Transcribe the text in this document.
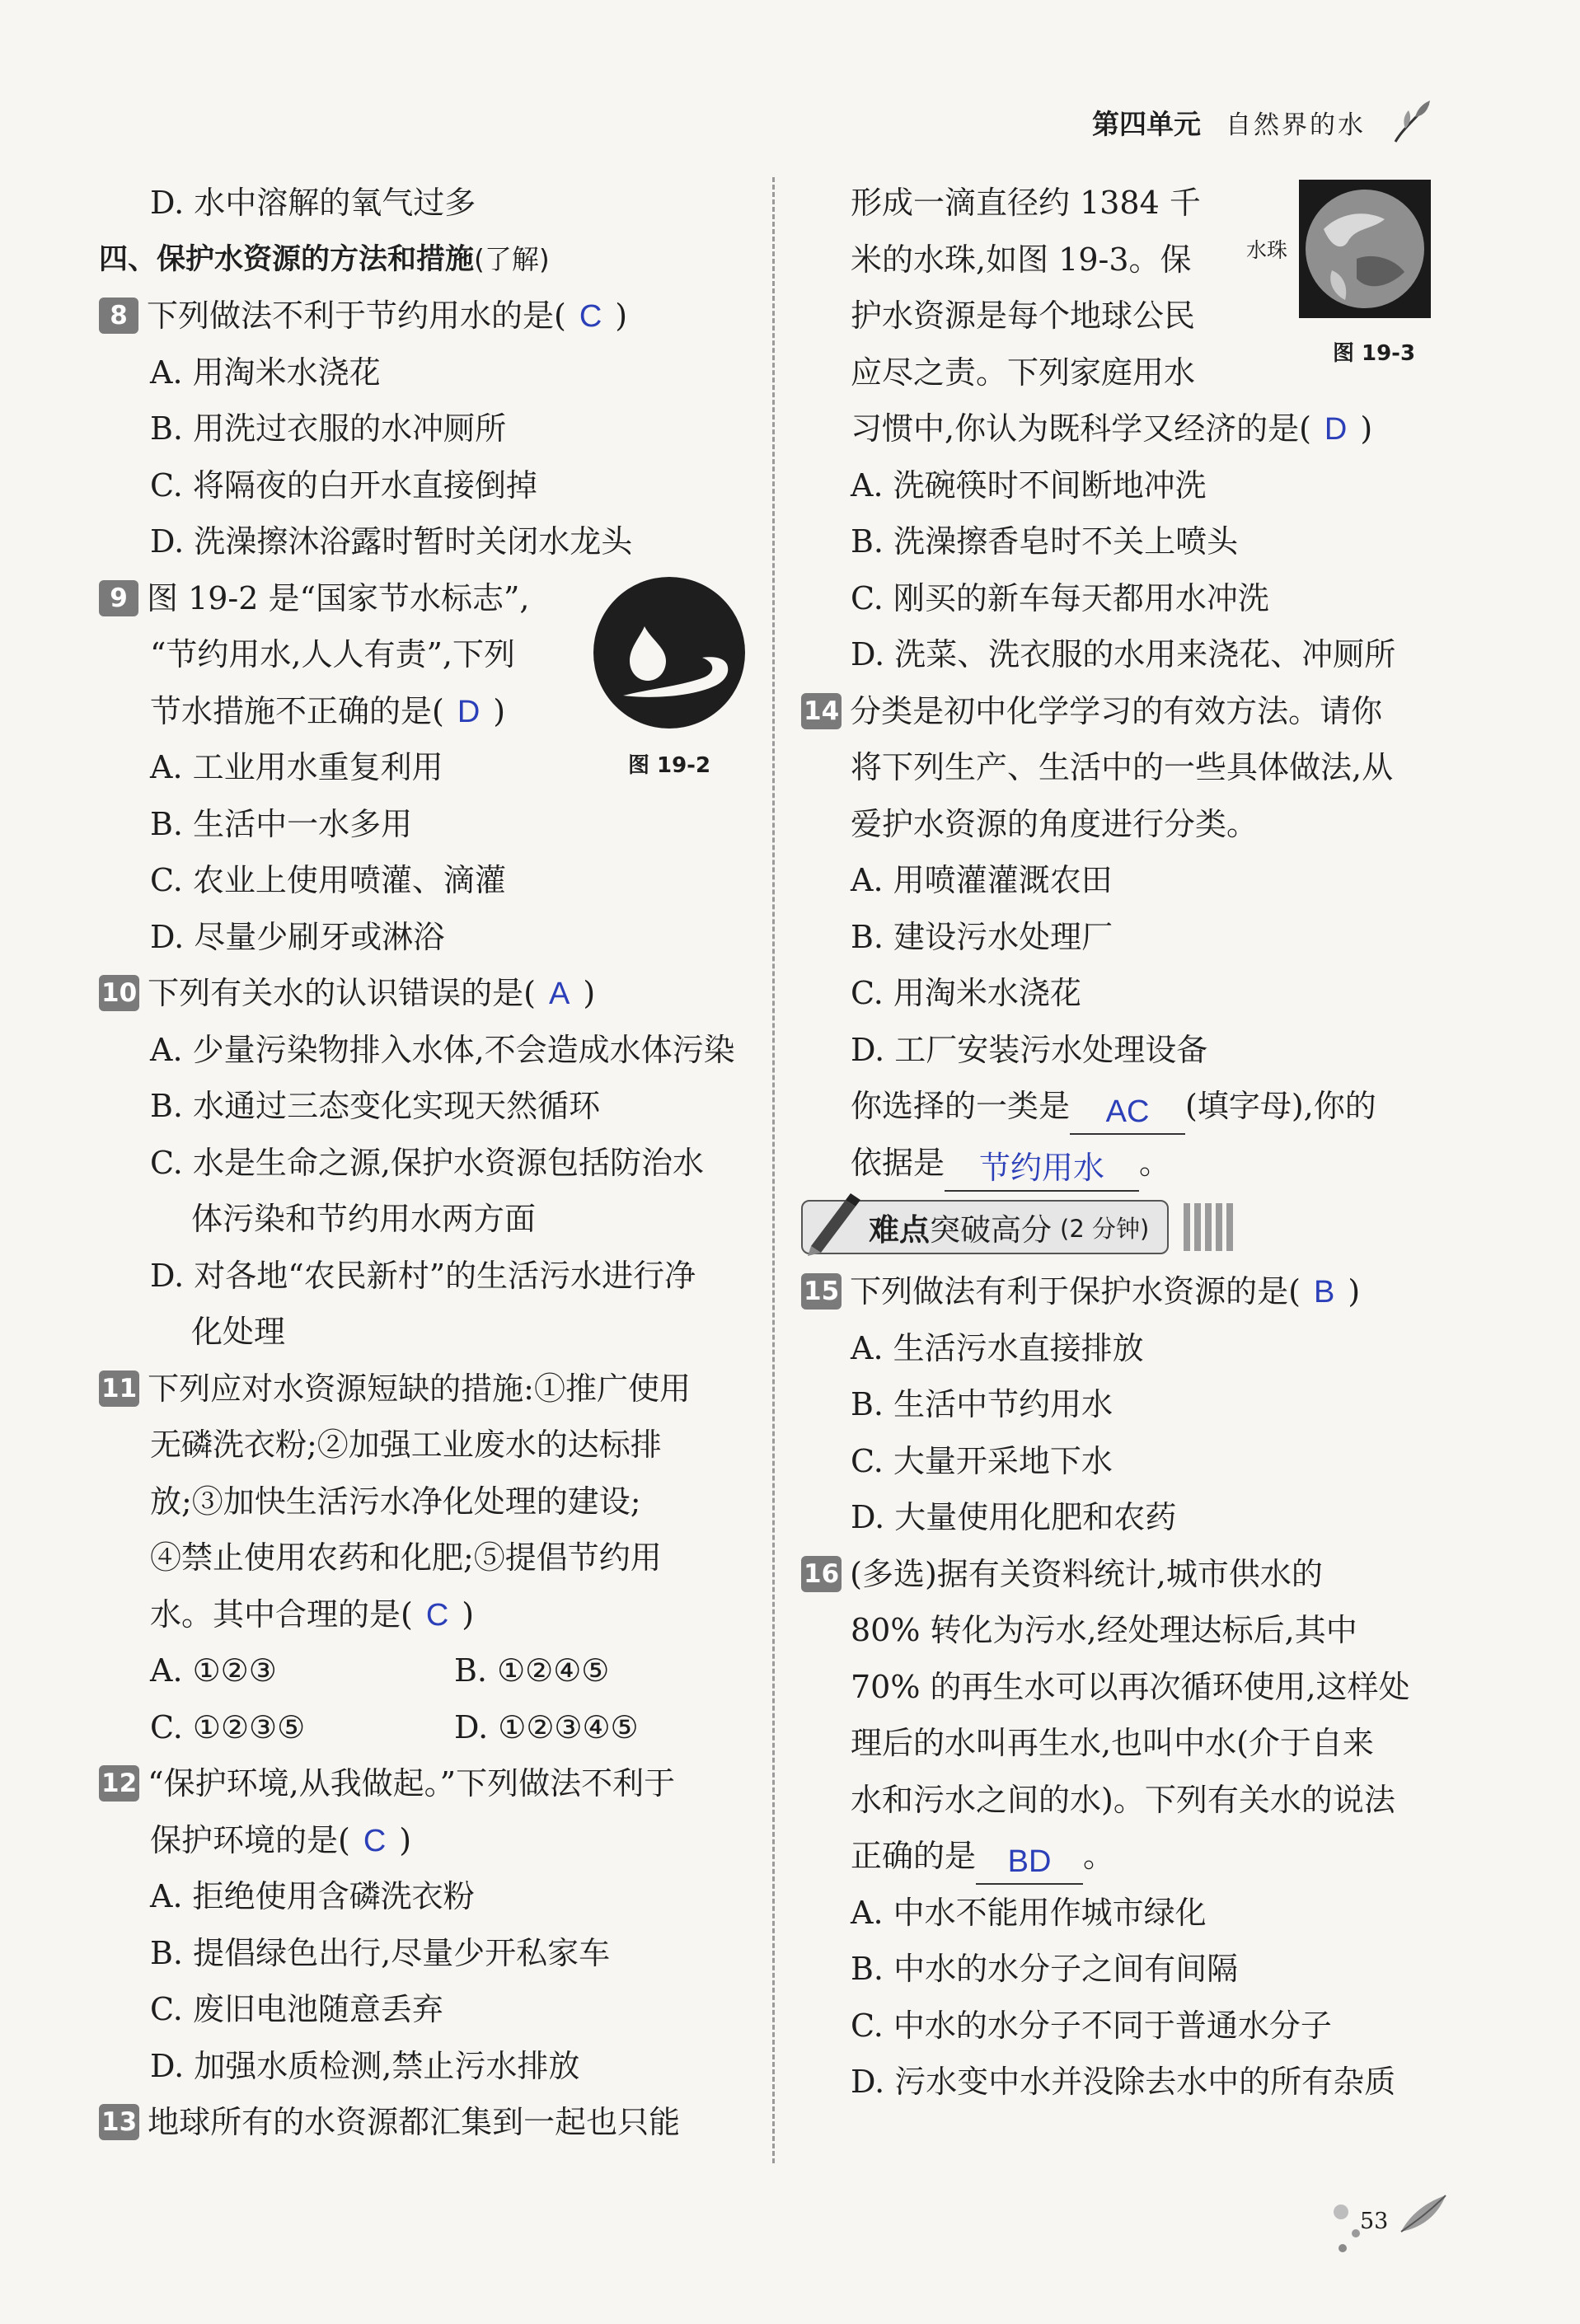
第四单元 自然界的水
D. 水中溶解的氧气过多
四、保护水资源的方法和措施(了解)
8 下列做法不利于节约用水的是( C )
A. 用淘米水浇花
B. 用洗过衣服的水冲厕所
C. 将隔夜的白开水直接倒掉
D. 洗澡擦沐浴露时暂时关闭水龙头
9 图 19-2 是“国家节水标志”,
“节约用水,人人有责”,下列
节水措施不正确的是( D )
A. 工业用水重复利用
B. 生活中一水多用
C. 农业上使用喷灌、滴灌
D. 尽量少刷牙或淋浴
10 下列有关水的认识错误的是( A )
A. 少量污染物排入水体,不会造成水体污染
B. 水通过三态变化实现天然循环
C. 水是生命之源,保护水资源包括防治水
体污染和节约用水两方面
D. 对各地“农民新村”的生活污水进行净
化处理
11 下列应对水资源短缺的措施:①推广使用
无磷洗衣粉;②加强工业废水的达标排
放;③加快生活污水净化处理的建设;
④禁止使用农药和化肥;⑤提倡节约用
水。其中合理的是( C )
A. ①②③	B. ①②④⑤
C. ①②③⑤	D. ①②③④⑤
12 “保护环境,从我做起。”下列做法不利于
保护环境的是( C )
A. 拒绝使用含磷洗衣粉
B. 提倡绿色出行,尽量少开私家车
C. 废旧电池随意丢弃
D. 加强水质检测,禁止污水排放
13 地球所有的水资源都汇集到一起也只能
图 19-2
形成一滴直径约 1384 千
米的水珠,如图 19-3。保
护水资源是每个地球公民
应尽之责。下列家庭用水
习惯中,你认为既科学又经济的是( D )
A. 洗碗筷时不间断地冲洗
B. 洗澡擦香皂时不关上喷头
C. 刚买的新车每天都用水冲洗
D. 洗菜、洗衣服的水用来浇花、冲厕所
14 分类是初中化学学习的有效方法。请你
将下列生产、生活中的一些具体做法,从
爱护水资源的角度进行分类。
A. 用喷灌灌溉农田
B. 建设污水处理厂
C. 用淘米水浇花
D. 工厂安装污水处理设备
你选择的一类是 AC (填字母),你的
依据是 节约用水 。
难点 突破高分 (2 分钟)
15 下列做法有利于保护水资源的是( B )
A. 生活污水直接排放
B. 生活中节约用水
C. 大量开采地下水
D. 大量使用化肥和农药
16 (多选)据有关资料统计,城市供水的
80% 转化为污水,经处理达标后,其中
70% 的再生水可以再次循环使用,这样处
理后的水叫再生水,也叫中水(介于自来
水和污水之间的水)。下列有关水的说法
正确的是 BD 。
A. 中水不能用作城市绿化
B. 中水的水分子之间有间隔
C. 中水的水分子不同于普通水分子
D. 污水变中水并没除去水中的所有杂质
水珠
图 19-3
53
